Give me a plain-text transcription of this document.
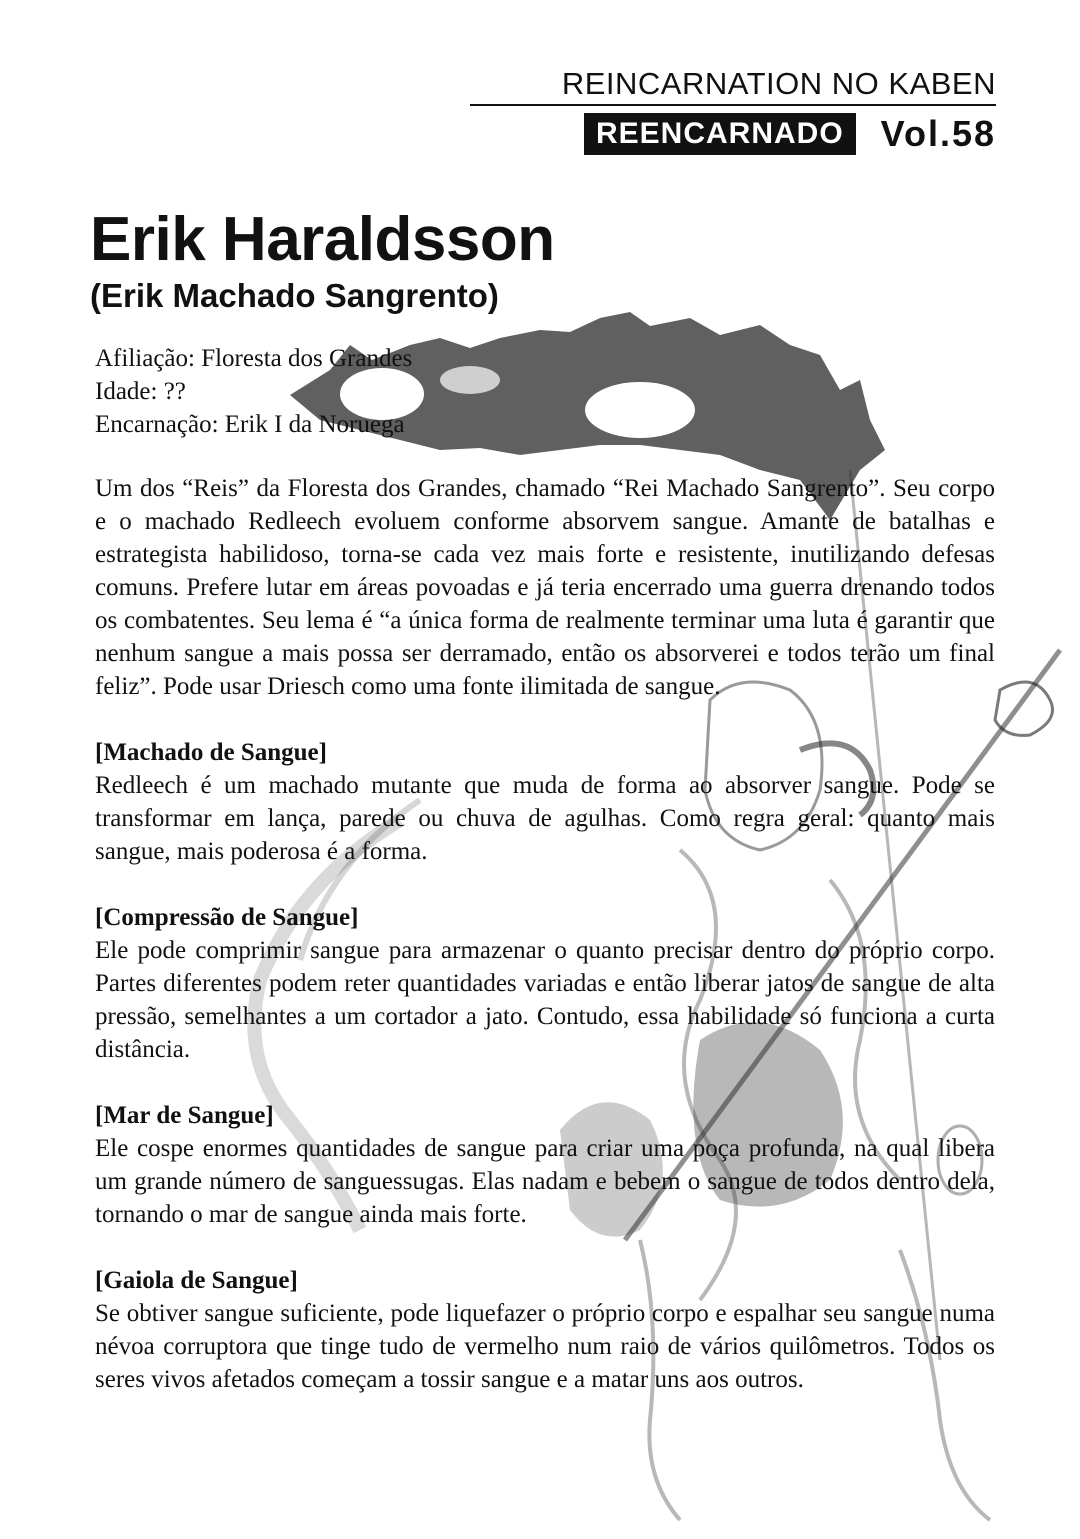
REINCARNATION NO KABEN
REENCARNADO	Vol.58
Erik Haraldsson
(Erik Machado Sangrento)

Afiliação: Floresta dos Grandes

Idade: ??

Encarnação: Erik I da Noruega

Um dos “Reis” da Floresta dos Grandes, chamado “Rei Machado Sangrento”. Seu corpo e o machado Redleech evoluem conforme absorvem sangue. Amante de batalhas e estrategista habilidoso, torna-se cada vez mais forte e resistente, inutilizando defesas comuns. Prefere lutar em áreas povoadas e já teria encerrado uma guerra drenando todos os combatentes. Seu lema é “a única forma de realmente terminar uma luta é garantir que nenhum sangue a mais possa ser derramado, então os absorverei e todos terão um final feliz”. Pode usar Driesch como uma fonte ilimitada de sangue.

[Machado de Sangue]

Redleech é um machado mutante que muda de forma ao absorver sangue. Pode se transformar em lança, parede ou chuva de agulhas. Como regra geral: quanto mais sangue, mais poderosa é a forma.

[Compressão de Sangue]

Ele pode comprimir sangue para armazenar o quanto precisar dentro do próprio corpo. Partes diferentes podem reter quantidades variadas e então liberar jatos de sangue de alta pressão, semelhantes a um cortador a jato. Contudo, essa habilidade só funciona a curta distância.

[Mar de Sangue]

Ele cospe enormes quantidades de sangue para criar uma poça profunda, na qual libera um grande número de sanguessugas. Elas nadam e bebem o sangue de todos dentro dela, tornando o mar de sangue ainda mais forte.

[Gaiola de Sangue]

Se obtiver sangue suficiente, pode liquefazer o próprio corpo e espalhar seu sangue numa névoa corruptora que tinge tudo de vermelho num raio de vários quilômetros. Todos os seres vivos afetados começam a tossir sangue e a matar uns aos outros.
